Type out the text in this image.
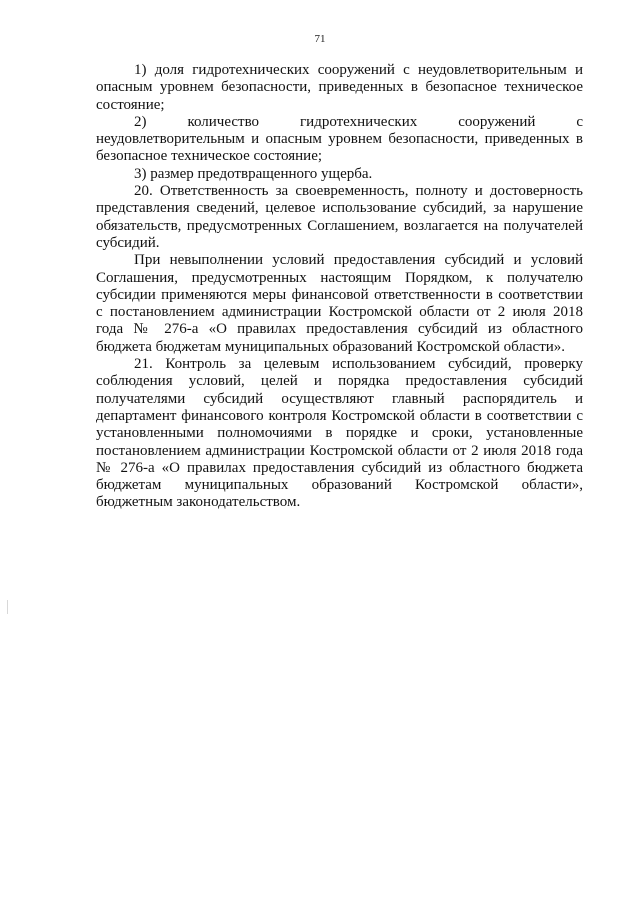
71

1) доля гидротехнических сооружений с неудовлетворительным и опасным уровнем безопасности, приведенных в безопасное техническое состояние;

2) количество гидротехнических сооружений с неудовлетворительным и опасным уровнем безопасности, приведенных в безопасное техническое состояние;

3) размер предотвращенного ущерба.

20. Ответственность за своевременность, полноту и достоверность представления сведений, целевое использование субсидий, за нарушение обязательств, предусмотренных Соглашением, возлагается на получателей субсидий.

При невыполнении условий предоставления субсидий и условий Соглашения, предусмотренных настоящим Порядком, к получателю субсидии применяются меры финансовой ответственности в соответствии с постановлением администрации Костромской области от 2 июля 2018 года № 276-а «О правилах предоставления субсидий из областного бюджета бюджетам муниципальных образований Костромской области».

21. Контроль за целевым использованием субсидий, проверку соблюдения условий, целей и порядка предоставления субсидий получателями субсидий осуществляют главный распорядитель и департамент финансового контроля Костромской области в соответствии с установленными полномочиями в порядке и сроки, установленные постановлением администрации Костромской области от 2 июля 2018 года № 276-а «О правилах предоставления субсидий из областного бюджета бюджетам муниципальных образований Костромской области», бюджетным законодательством.
